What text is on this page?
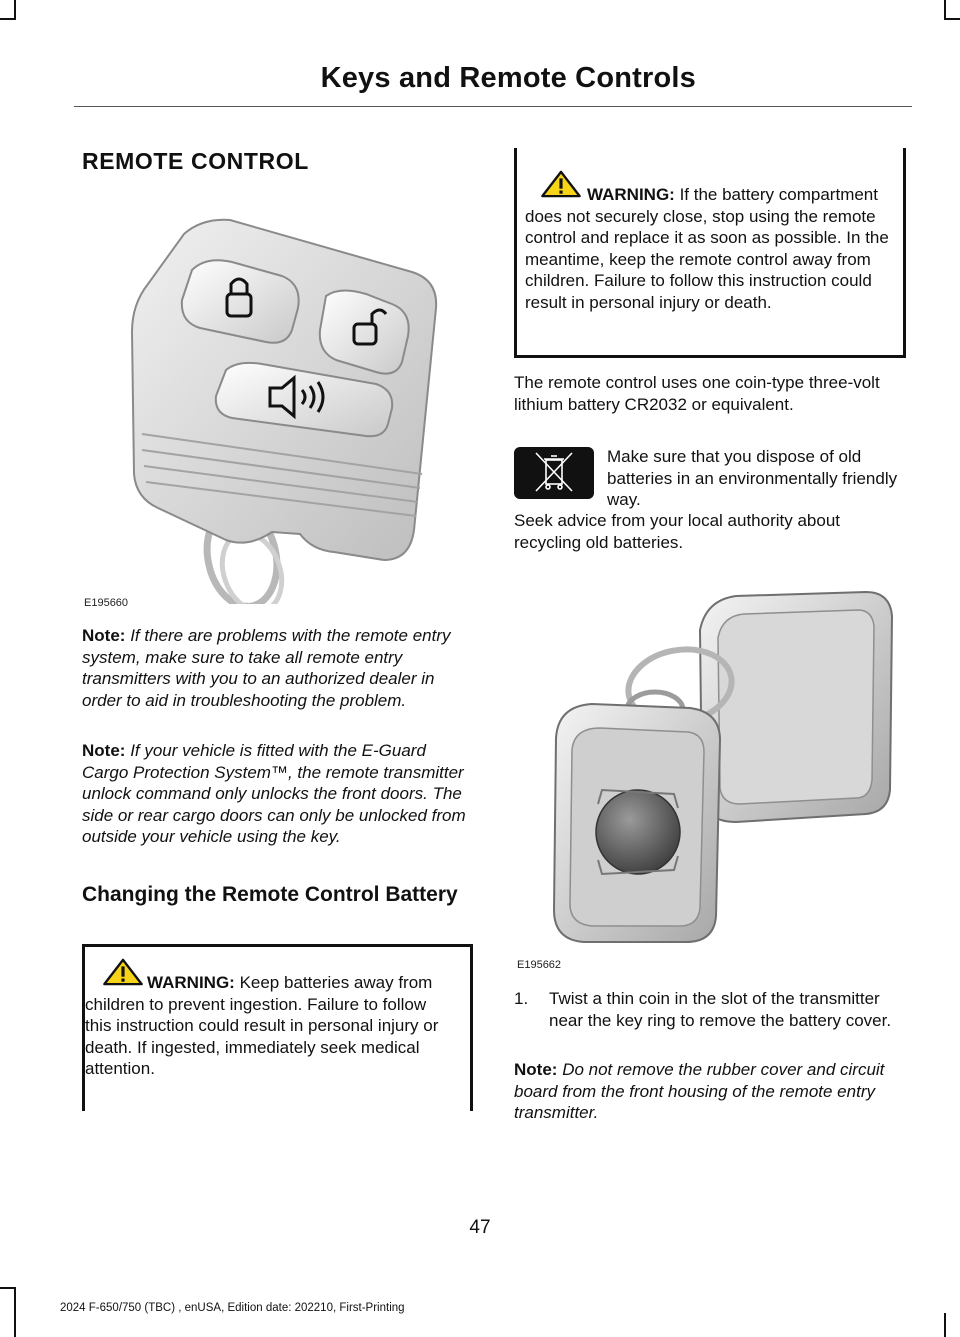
Keys and Remote Controls
REMOTE CONTROL
E195660

Note: If there are problems with the remote entry system, make sure to take all remote entry transmitters with you to an authorized dealer in order to aid in troubleshooting the problem.

Note: If your vehicle is fitted with the E-Guard Cargo Protection System™, the remote transmitter unlock command only unlocks the front doors. The side or rear cargo doors can only be unlocked from outside your vehicle using the key.

Changing the Remote Control Battery
WARNING: Keep batteries away from children to prevent ingestion. Failure to follow this instruction could result in personal injury or death. If ingested, immediately seek medical attention.
WARNING: If the battery compartment does not securely close, stop using the remote control and replace it as soon as possible. In the meantime, keep the remote control away from children. Failure to follow this instruction could result in personal injury or death.

The remote control uses one coin-type three-volt lithium battery CR2032 or equivalent.

Make sure that you dispose of old batteries in an environmentally friendly way.

Seek advice from your local authority about recycling old batteries.

E195662
1. Twist a thin coin in the slot of the transmitter near the key ring to remove the battery cover.

Note: Do not remove the rubber cover and circuit board from the front housing of the remote entry transmitter.

47
2024 F-650/750 (TBC) , enUSA, Edition date: 202210, First-Printing
